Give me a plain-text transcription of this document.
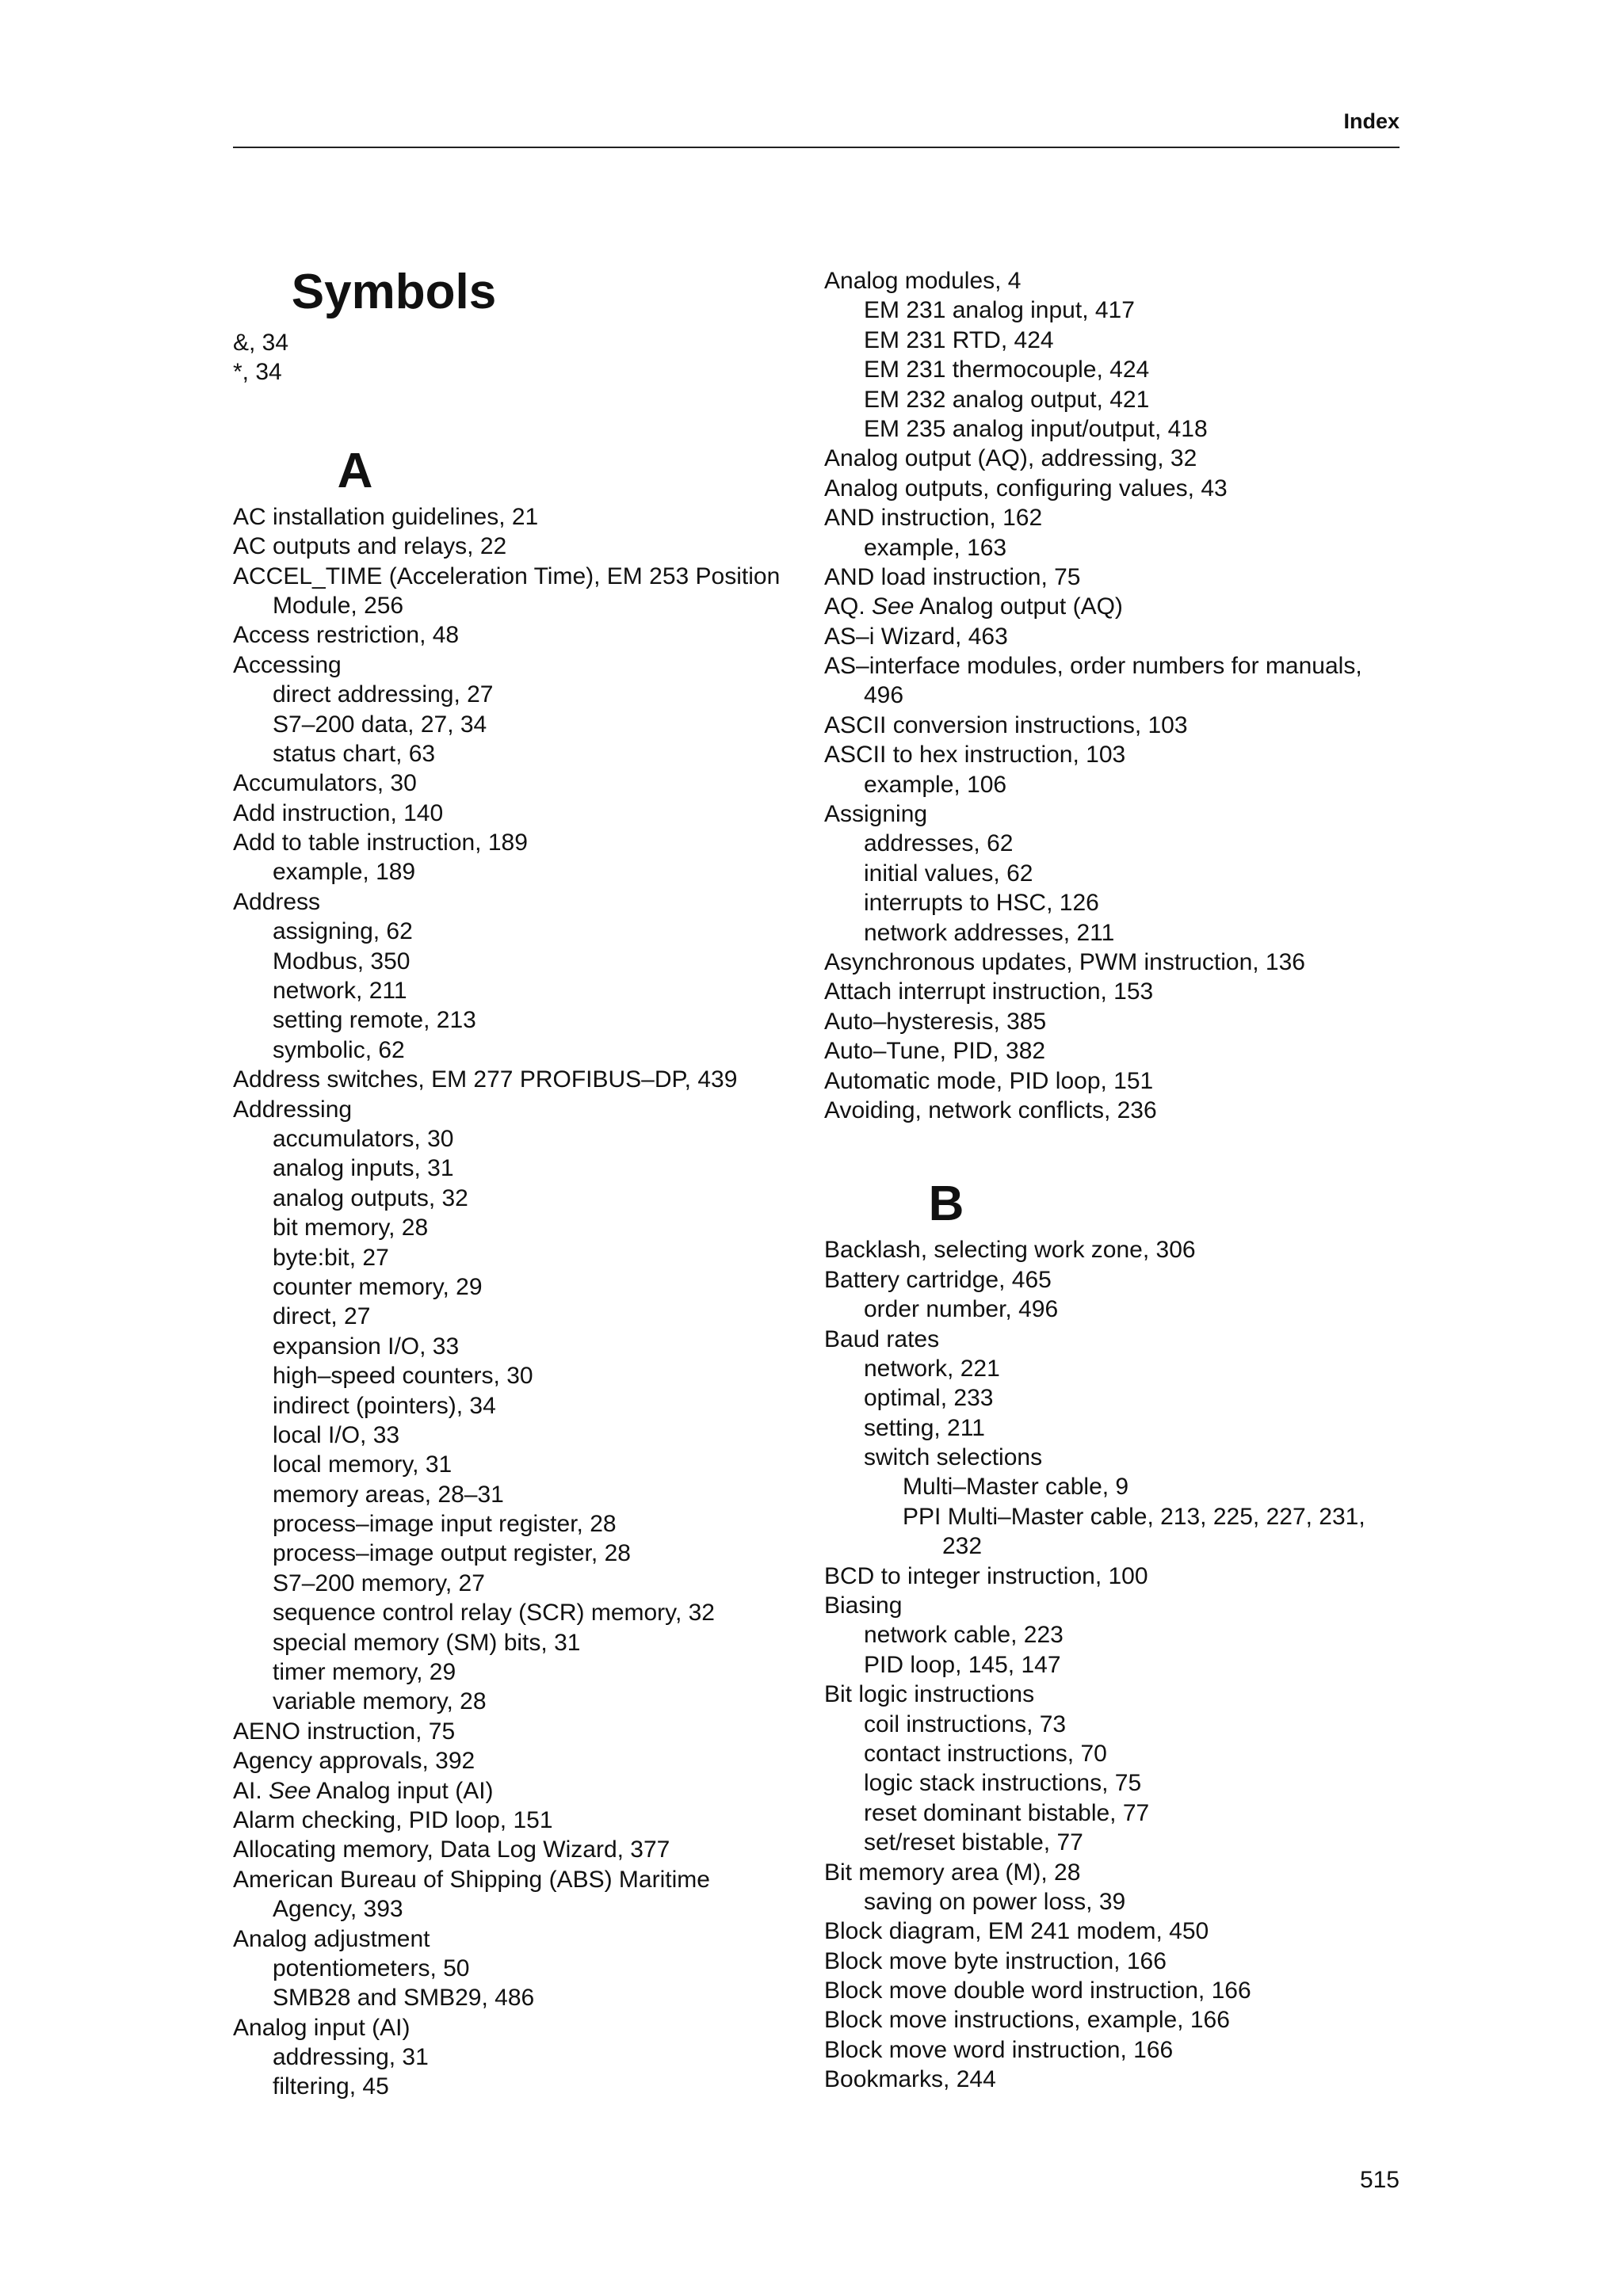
Index
Symbols
&, 34
*, 34
A
AC installation guidelines, 21
AC outputs and relays, 22
ACCEL_TIME (Acceleration Time), EM 253 Position
Module, 256
Access restriction, 48
Accessing
direct addressing, 27
S7–200 data, 27, 34
status chart, 63
Accumulators, 30
Add instruction, 140
Add to table instruction, 189
example, 189
Address
assigning, 62
Modbus, 350
network, 211
setting remote, 213
symbolic, 62
Address switches, EM 277 PROFIBUS–DP, 439
Addressing
accumulators, 30
analog inputs, 31
analog outputs, 32
bit memory, 28
byte:bit, 27
counter memory, 29
direct, 27
expansion I/O, 33
high–speed counters, 30
indirect (pointers), 34
local I/O, 33
local memory, 31
memory areas, 28–31
process–image input register, 28
process–image output register, 28
S7–200 memory, 27
sequence control relay (SCR) memory, 32
special memory (SM) bits, 31
timer memory, 29
variable memory, 28
AENO instruction, 75
Agency approvals, 392
AI. See Analog input (AI)
Alarm checking, PID loop, 151
Allocating memory, Data Log Wizard, 377
American Bureau of Shipping (ABS) Maritime
Agency, 393
Analog adjustment
potentiometers, 50
SMB28 and SMB29, 486
Analog input (AI)
addressing, 31
filtering, 45
Analog modules, 4
EM 231 analog input, 417
EM 231 RTD, 424
EM 231 thermocouple, 424
EM 232 analog output, 421
EM 235 analog input/output, 418
Analog output (AQ), addressing, 32
Analog outputs, configuring values, 43
AND instruction, 162
example, 163
AND load instruction, 75
AQ. See Analog output (AQ)
AS–i Wizard, 463
AS–interface modules, order numbers for manuals,
496
ASCII conversion instructions, 103
ASCII to hex instruction, 103
example, 106
Assigning
addresses, 62
initial values, 62
interrupts to HSC, 126
network addresses, 211
Asynchronous updates, PWM instruction, 136
Attach interrupt instruction, 153
Auto–hysteresis, 385
Auto–Tune, PID, 382
Automatic mode, PID loop, 151
Avoiding, network conflicts, 236
B
Backlash, selecting work zone, 306
Battery cartridge, 465
order number, 496
Baud rates
network, 221
optimal, 233
setting, 211
switch selections
Multi–Master cable, 9
PPI Multi–Master cable, 213, 225, 227, 231,
232
BCD to integer instruction, 100
Biasing
network cable, 223
PID loop, 145, 147
Bit logic instructions
coil instructions, 73
contact instructions, 70
logic stack instructions, 75
reset dominant bistable, 77
set/reset bistable, 77
Bit memory area (M), 28
saving on power loss, 39
Block diagram, EM 241 modem, 450
Block move byte instruction, 166
Block move double word instruction, 166
Block move instructions, example, 166
Block move word instruction, 166
Bookmarks, 244
515
